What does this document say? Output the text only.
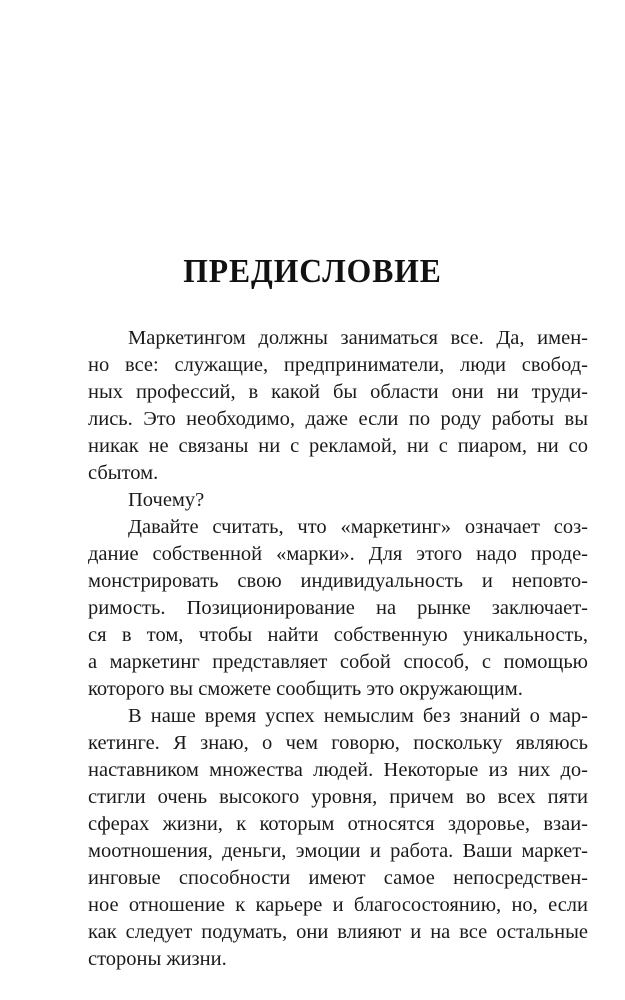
ПРЕДИСЛОВИЕ
Маркетингом должны заниматься все. Да, имен-
но все: служащие, предприниматели, люди свобод-
ных профессий, в какой бы области они ни труди-
лись. Это необходимо, даже если по роду работы вы
никак не связаны ни с рекламой, ни с пиаром, ни со
сбытом.
Почему?
Давайте считать, что «маркетинг» означает соз-
дание собственной «марки». Для этого надо проде-
монстрировать свою индивидуальность и неповто-
римость. Позиционирование на рынке заключает-
ся в том, чтобы найти собственную уникальность,
а маркетинг представляет собой способ, с помощью
которого вы сможете сообщить это окружающим.
В наше время успех немыслим без знаний о мар-
кетинге. Я знаю, о чем говорю, поскольку являюсь
наставником множества людей. Некоторые из них до-
стигли очень высокого уровня, причем во всех пяти
сферах жизни, к которым относятся здоровье, взаи-
моотношения, деньги, эмоции и работа. Ваши маркет-
инговые способности имеют самое непосредствен-
ное отношение к карьере и благосостоянию, но, если
как следует подумать, они влияют и на все остальные
стороны жизни.
